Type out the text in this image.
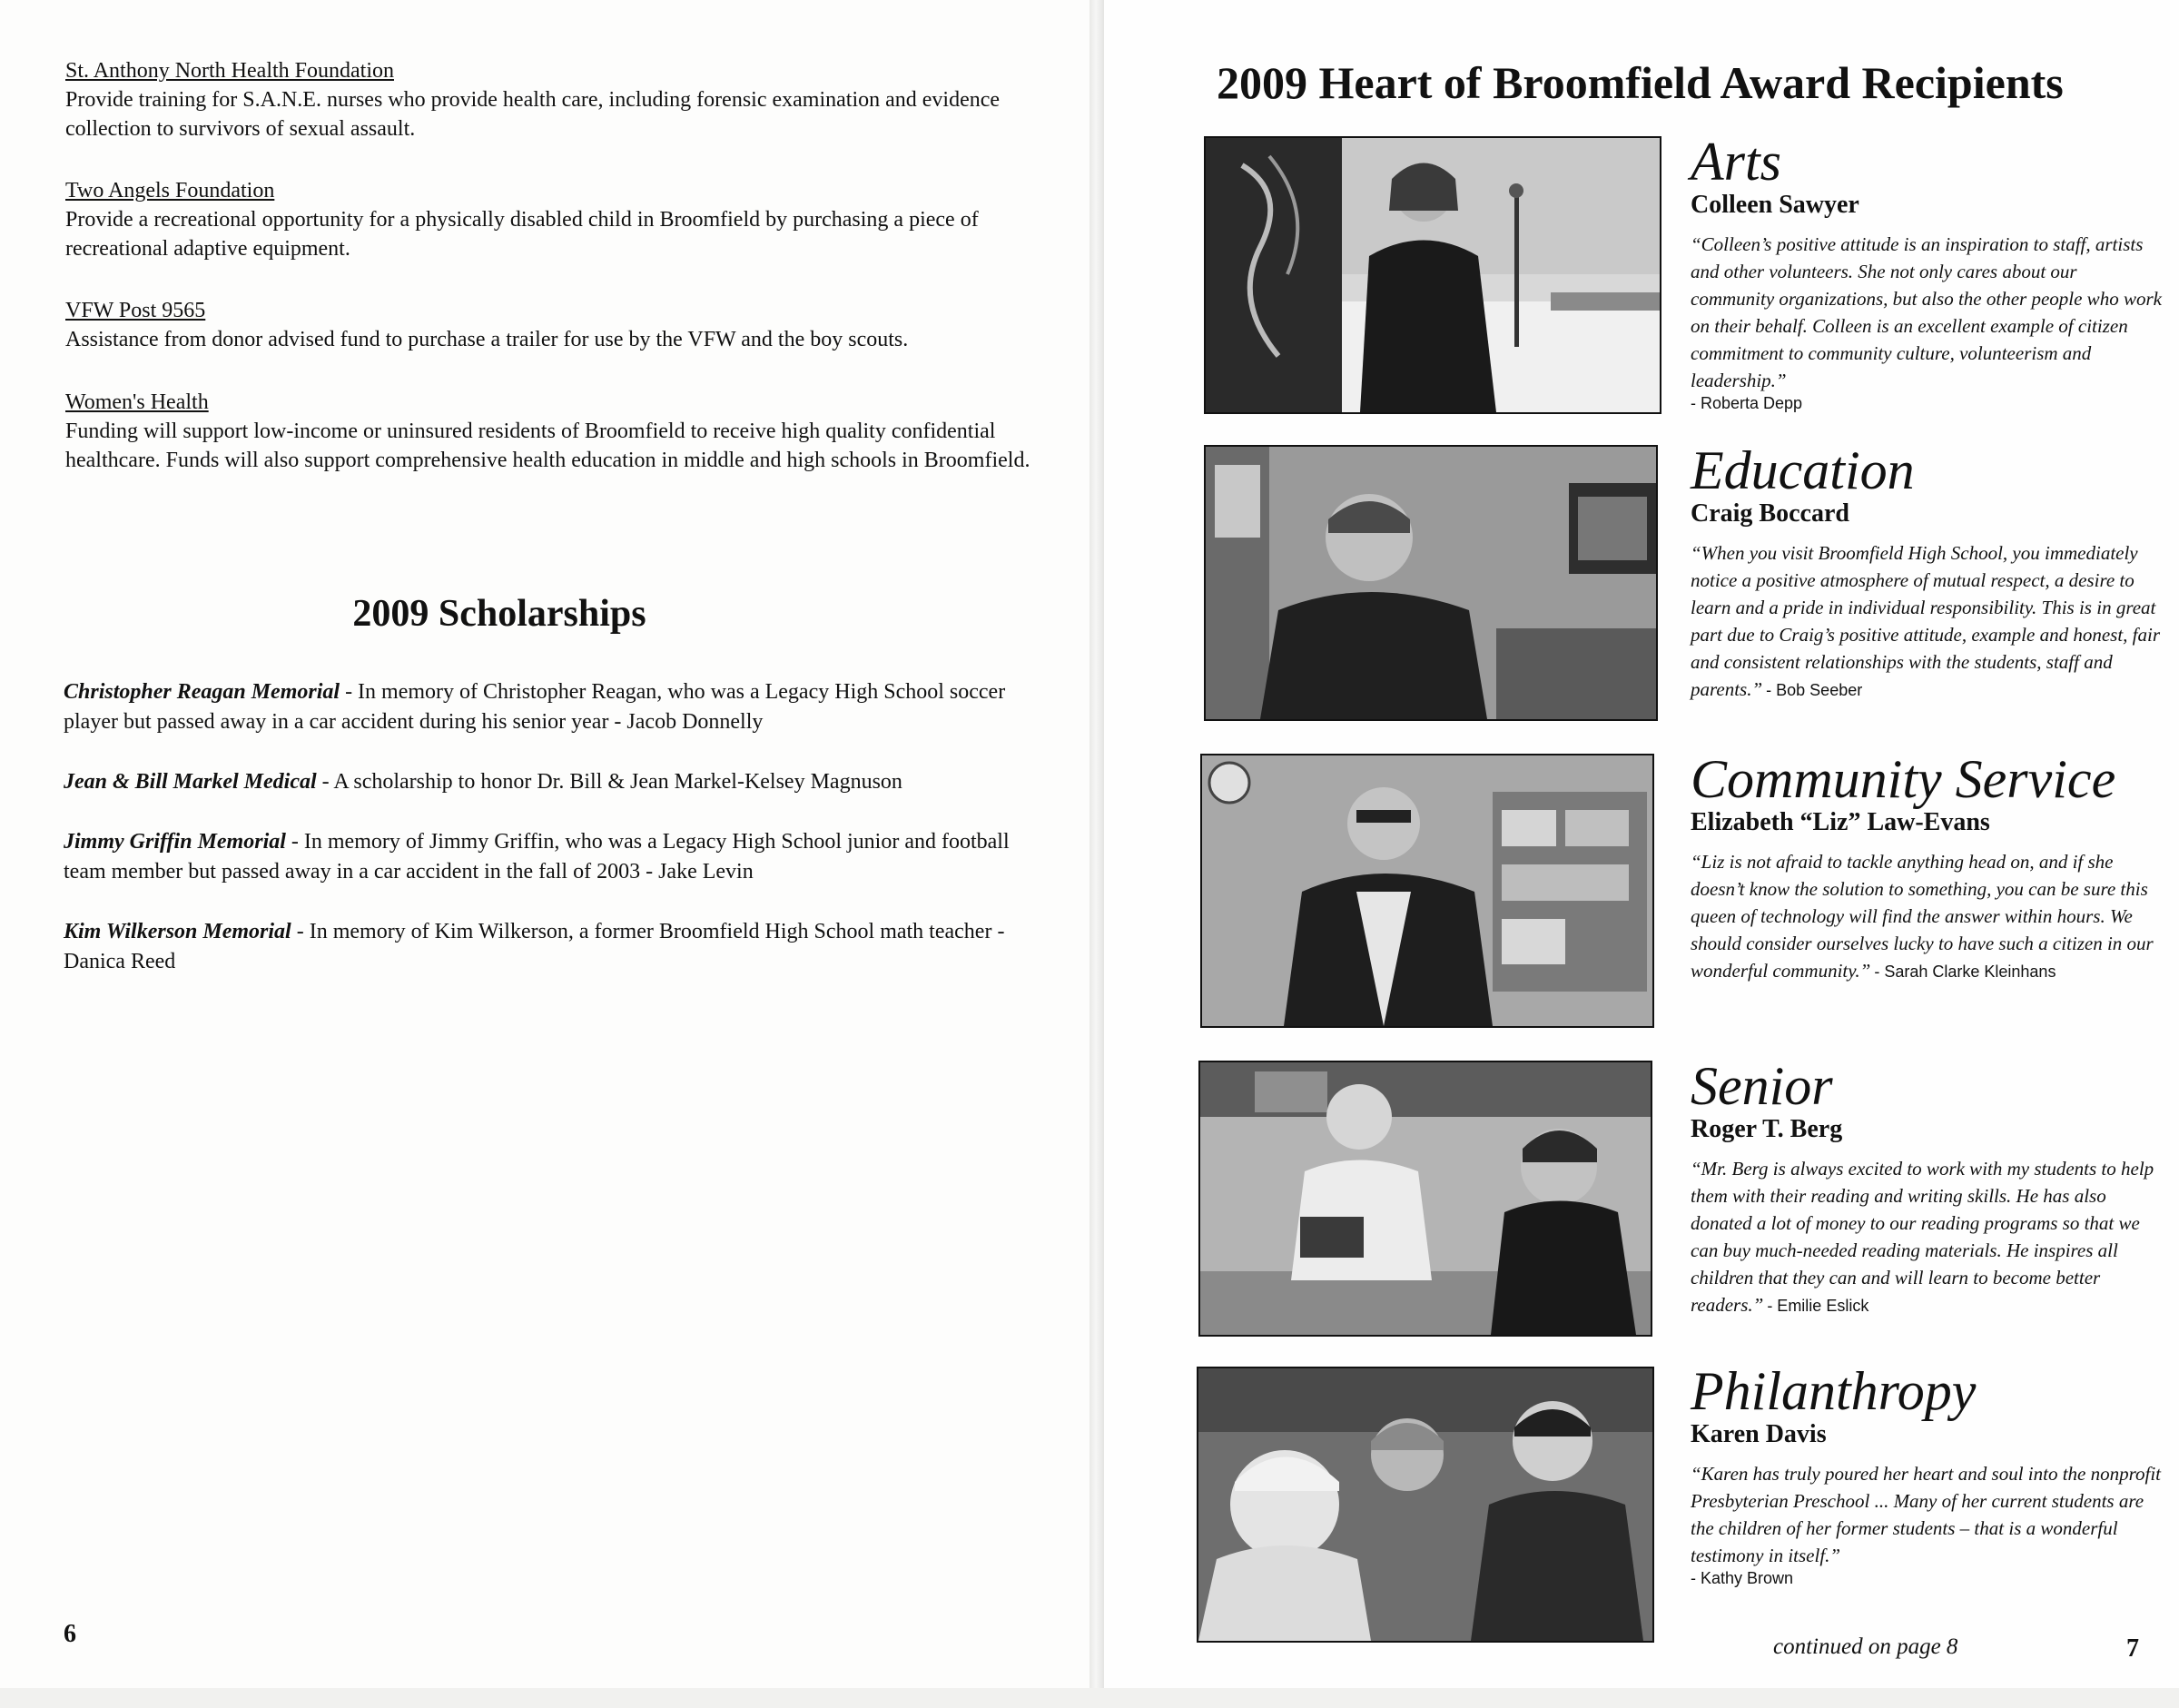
St. Anthony North Health Foundation
Provide training for S.A.N.E. nurses who provide health care, including forensic examination and evidence collection to survivors of sexual assault.
Two Angels Foundation
Provide a recreational opportunity for a physically disabled child in Broomfield by purchasing a piece of recreational adaptive equipment.
VFW Post 9565
Assistance from donor advised fund to purchase a trailer for use by the VFW and the boy scouts.
Women's Health
Funding will support low-income or uninsured residents of Broomfield to receive high quality confidential healthcare. Funds will also support comprehensive health education in middle and high schools in Broomfield.
2009 Scholarships
Christopher Reagan Memorial - In memory of Christopher Reagan, who was a Legacy High School soccer player but passed away in a car accident during his senior year - Jacob Donnelly
Jean & Bill Markel Medical - A scholarship to honor Dr. Bill & Jean Markel-Kelsey Magnuson
Jimmy Griffin Memorial - In memory of Jimmy Griffin, who was a Legacy High School junior and football team member but passed away in a car accident in the fall of 2003 - Jake Levin
Kim Wilkerson Memorial - In memory of Kim Wilkerson, a former Broomfield High School math teacher - Danica Reed
6
2009 Heart of Broomfield Award Recipients
Arts
Colleen Sawyer
“Colleen’s positive attitude is an inspiration to staff, artists and other volunteers. She not only cares about our community organizations, but also the other people who work on their behalf. Colleen is an excellent example of citizen commitment to community culture, volunteerism and leadership.”
- Roberta Depp
Education
Craig Boccard
“When you visit Broomfield High School, you immediately notice a positive atmosphere of mutual respect, a desire to learn and a pride in individual responsibility. This is in great part due to Craig’s positive attitude, example and honest, fair and consistent relationships with the students, staff and parents.” - Bob Seeber
Community Service
Elizabeth “Liz” Law-Evans
“Liz is not afraid to tackle anything head on, and if she doesn’t know the solution to something, you can be sure this queen of technology will find the answer within hours. We should consider ourselves lucky to have such a citizen in our wonderful community.” - Sarah Clarke Kleinhans
Senior
Roger T. Berg
“Mr. Berg is always excited to work with my students to help them with their reading and writing skills. He has also donated a lot of money to our reading programs so that we can buy much-needed reading materials. He inspires all children that they can and will learn to become better readers.” - Emilie Eslick
Philanthropy
Karen Davis
“Karen has truly poured her heart and soul into the nonprofit Presbyterian Preschool ... Many of her current students are the children of her former students – that is a wonderful testimony in itself.”
- Kathy Brown
continued on page 8	7
